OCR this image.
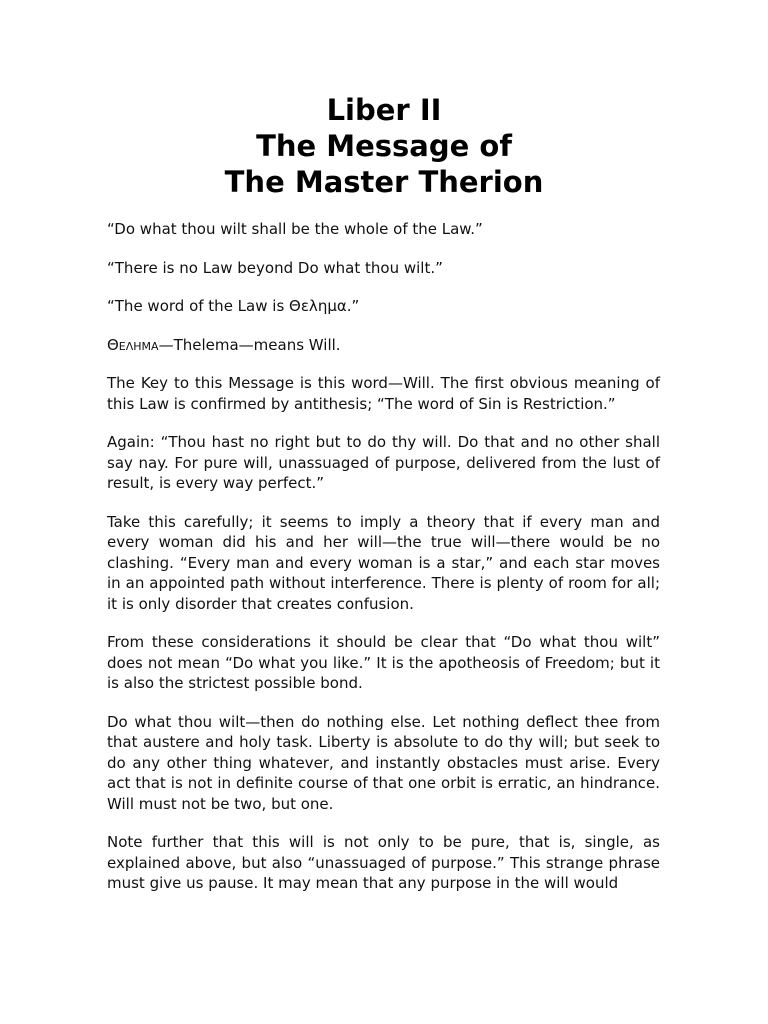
Liber II
The Message of
The Master Therion

“Do what thou wilt shall be the whole of the Law.”

“There is no Law beyond Do what thou wilt.”

“The word of the Law is Θελημα.”

Θελημα—Thelema—means Will.

The Key to this Message is this word—Will. The first obvious meaning of this Law is confirmed by antithesis; “The word of Sin is Restriction.”

Again: “Thou hast no right but to do thy will. Do that and no other shall say nay. For pure will, unassuaged of purpose, delivered from the lust of result, is every way perfect.”

Take this carefully; it seems to imply a theory that if every man and every woman did his and her will—the true will—there would be no clashing. “Every man and every woman is a star,” and each star moves in an appointed path without interference. There is plenty of room for all; it is only disorder that creates confusion.

From these considerations it should be clear that “Do what thou wilt” does not mean “Do what you like.” It is the apotheosis of Freedom; but it is also the strictest possible bond.

Do what thou wilt—then do nothing else. Let nothing deflect thee from that austere and holy task. Liberty is absolute to do thy will; but seek to do any other thing whatever, and instantly obstacles must arise. Every act that is not in definite course of that one orbit is erratic, an hindrance. Will must not be two, but one.

Note further that this will is not only to be pure, that is, single, as explained above, but also “unassuaged of purpose.” This strange phrase must give us pause. It may mean that any purpose in the will would
